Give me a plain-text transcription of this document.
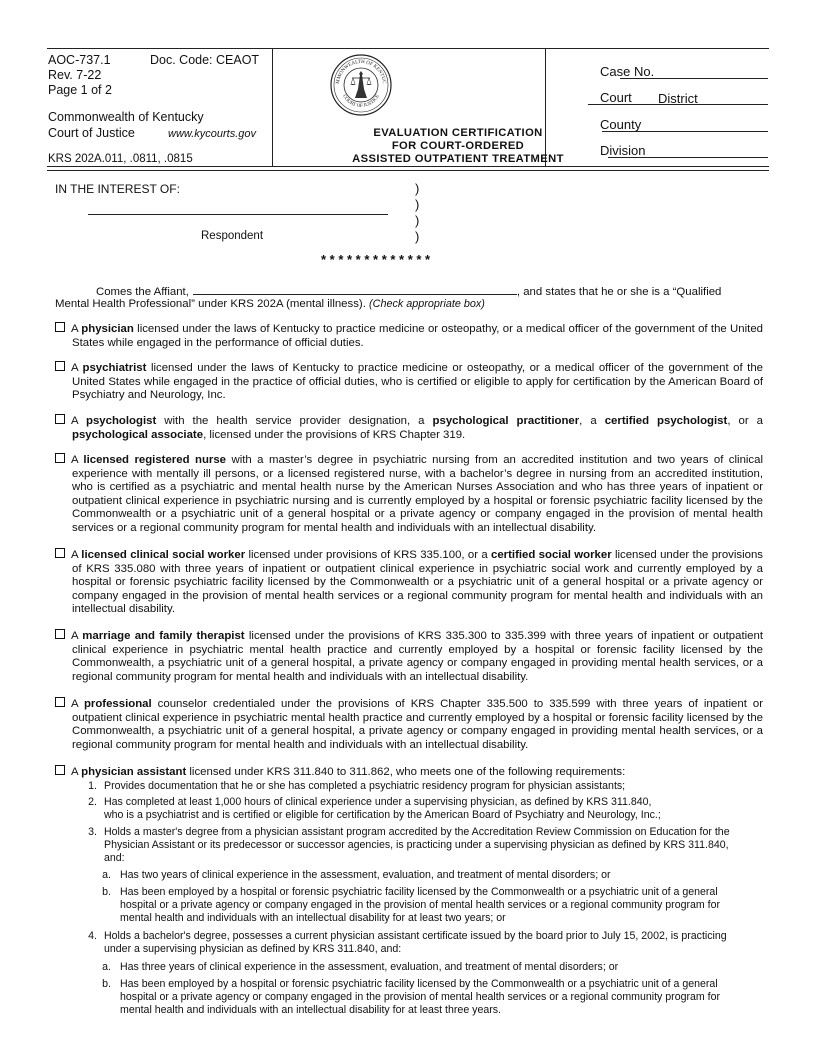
AOC-737.1	Doc. Code: CEAOT
Rev. 7-22
Page 1 of 2
Commonwealth of Kentucky
Court of Justice	www.kycourts.gov
KRS 202A.011, .0811, .0815
EVALUATION CERTIFICATION
FOR COURT-ORDERED
ASSISTED OUTPATIENT TREATMENT
Case No.
Court District
County
Division
MMONWEALTH OF KENTUC
COURT OF JUSTICE
IN THE INTEREST OF:
Respondent
)
)
)
)
* * * * * * * * * * * * *
Comes the Affiant,	, and states that he or she is a “Qualified
Mental Health Professional” under KRS 202A (mental illness). (Check appropriate box)
A physician licensed under the laws of Kentucky to practice medicine or osteopathy, or a medical officer of the government of the United States while engaged in the performance of official duties.
A psychiatrist licensed under the laws of Kentucky to practice medicine or osteopathy, or a medical officer of the government of the United States while engaged in the practice of official duties, who is certified or eligible to apply for certification by the American Board of Psychiatry and Neurology, Inc.
A psychologist with the health service provider designation, a psychological practitioner, a certified psychologist, or a psychological associate, licensed under the provisions of KRS Chapter 319.
A licensed registered nurse with a master’s degree in psychiatric nursing from an accredited institution and two years of clinical experience with mentally ill persons, or a licensed registered nurse, with a bachelor’s degree in nursing from an accredited institution, who is certified as a psychiatric and mental health nurse by the American Nurses Association and who has three years of inpatient or outpatient clinical experience in psychiatric nursing and is currently employed by a hospital or forensic psychiatric facility licensed by the Commonwealth or a psychiatric unit of a general hospital or a private agency or company engaged in the provision of mental health services or a regional community program for mental health and individuals with an intellectual disability.
A licensed clinical social worker licensed under provisions of KRS 335.100, or a certified social worker licensed under the provisions of KRS 335.080 with three years of inpatient or outpatient clinical experience in psychiatric social work and currently employed by a hospital or forensic psychiatric facility licensed by the Commonwealth or a psychiatric unit of a general hospital or a private agency or company engaged in the provision of mental health services or a regional community program for mental health and individuals with an intellectual disability.
A marriage and family therapist licensed under the provisions of KRS 335.300 to 335.399 with three years of inpatient or outpatient clinical experience in psychiatric mental health practice and currently employed by a hospital or forensic facility licensed by the Commonwealth, a psychiatric unit of a general hospital, a private agency or company engaged in providing mental health services, or a regional community program for mental health and individuals with an intellectual disability.
A professional counselor credentialed under the provisions of KRS Chapter 335.500 to 335.599 with three years of inpatient or outpatient clinical experience in psychiatric mental health practice and currently employed by a hospital or forensic facility licensed by the Commonwealth, a psychiatric unit of a general hospital, a private agency or company engaged in providing mental health services, or a regional community program for mental health and individuals with an intellectual disability.
A physician assistant licensed under KRS 311.840 to 311.862, who meets one of the following requirements:
1. Provides documentation that he or she has completed a psychiatric residency program for physician assistants;
2. Has completed at least 1,000 hours of clinical experience under a supervising physician, as defined by KRS 311.840,
who is a psychiatrist and is certified or eligible for certification by the American Board of Psychiatry and Neurology, Inc.;
3. Holds a master's degree from a physician assistant program accredited by the Accreditation Review Commission on Education for the
Physician Assistant or its predecessor or successor agencies, is practicing under a supervising physician as defined by KRS 311.840,
and:
a. Has two years of clinical experience in the assessment, evaluation, and treatment of mental disorders; or
b. Has been employed by a hospital or forensic psychiatric facility licensed by the Commonwealth or a psychiatric unit of a general
hospital or a private agency or company engaged in the provision of mental health services or a regional community program for
mental health and individuals with an intellectual disability for at least two years; or
4. Holds a bachelor's degree, possesses a current physician assistant certificate issued by the board prior to July 15, 2002, is practicing
under a supervising physician as defined by KRS 311.840, and:
a. Has three years of clinical experience in the assessment, evaluation, and treatment of mental disorders; or
b. Has been employed by a hospital or forensic psychiatric facility licensed by the Commonwealth or a psychiatric unit of a general
hospital or a private agency or company engaged in the provision of mental health services or a regional community program for
mental health and individuals with an intellectual disability for at least three years.
